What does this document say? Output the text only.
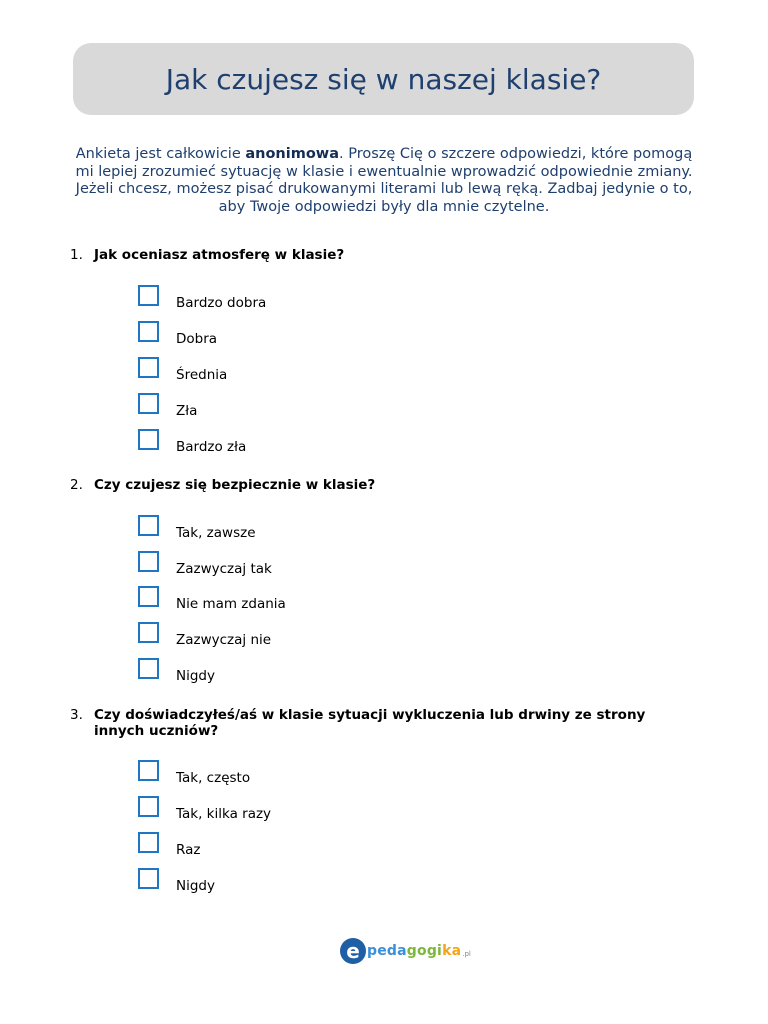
Jak czujesz się w naszej klasie?
Ankieta jest całkowicie anonimowa. Proszę Cię o szczere odpowiedzi, które pomogą mi lepiej zrozumieć sytuację w klasie i ewentualnie wprowadzić odpowiednie zmiany. Jeżeli chcesz, możesz pisać drukowanymi literami lub lewą ręką. Zadbaj jedynie o to, aby Twoje odpowiedzi były dla mnie czytelne.
1. Jak oceniasz atmosferę w klasie?
Bardzo dobra
Dobra
Średnia
Zła
Bardzo zła
2. Czy czujesz się bezpiecznie w klasie?
Tak, zawsze
Zazwyczaj tak
Nie mam zdania
Zazwyczaj nie
Nigdy
3. Czy doświadczyłeś/aś w klasie sytuacji wykluczenia lub drwiny ze strony innych uczniów?
Tak, często
Tak, kilka razy
Raz
Nigdy
e pedagogika .pl
